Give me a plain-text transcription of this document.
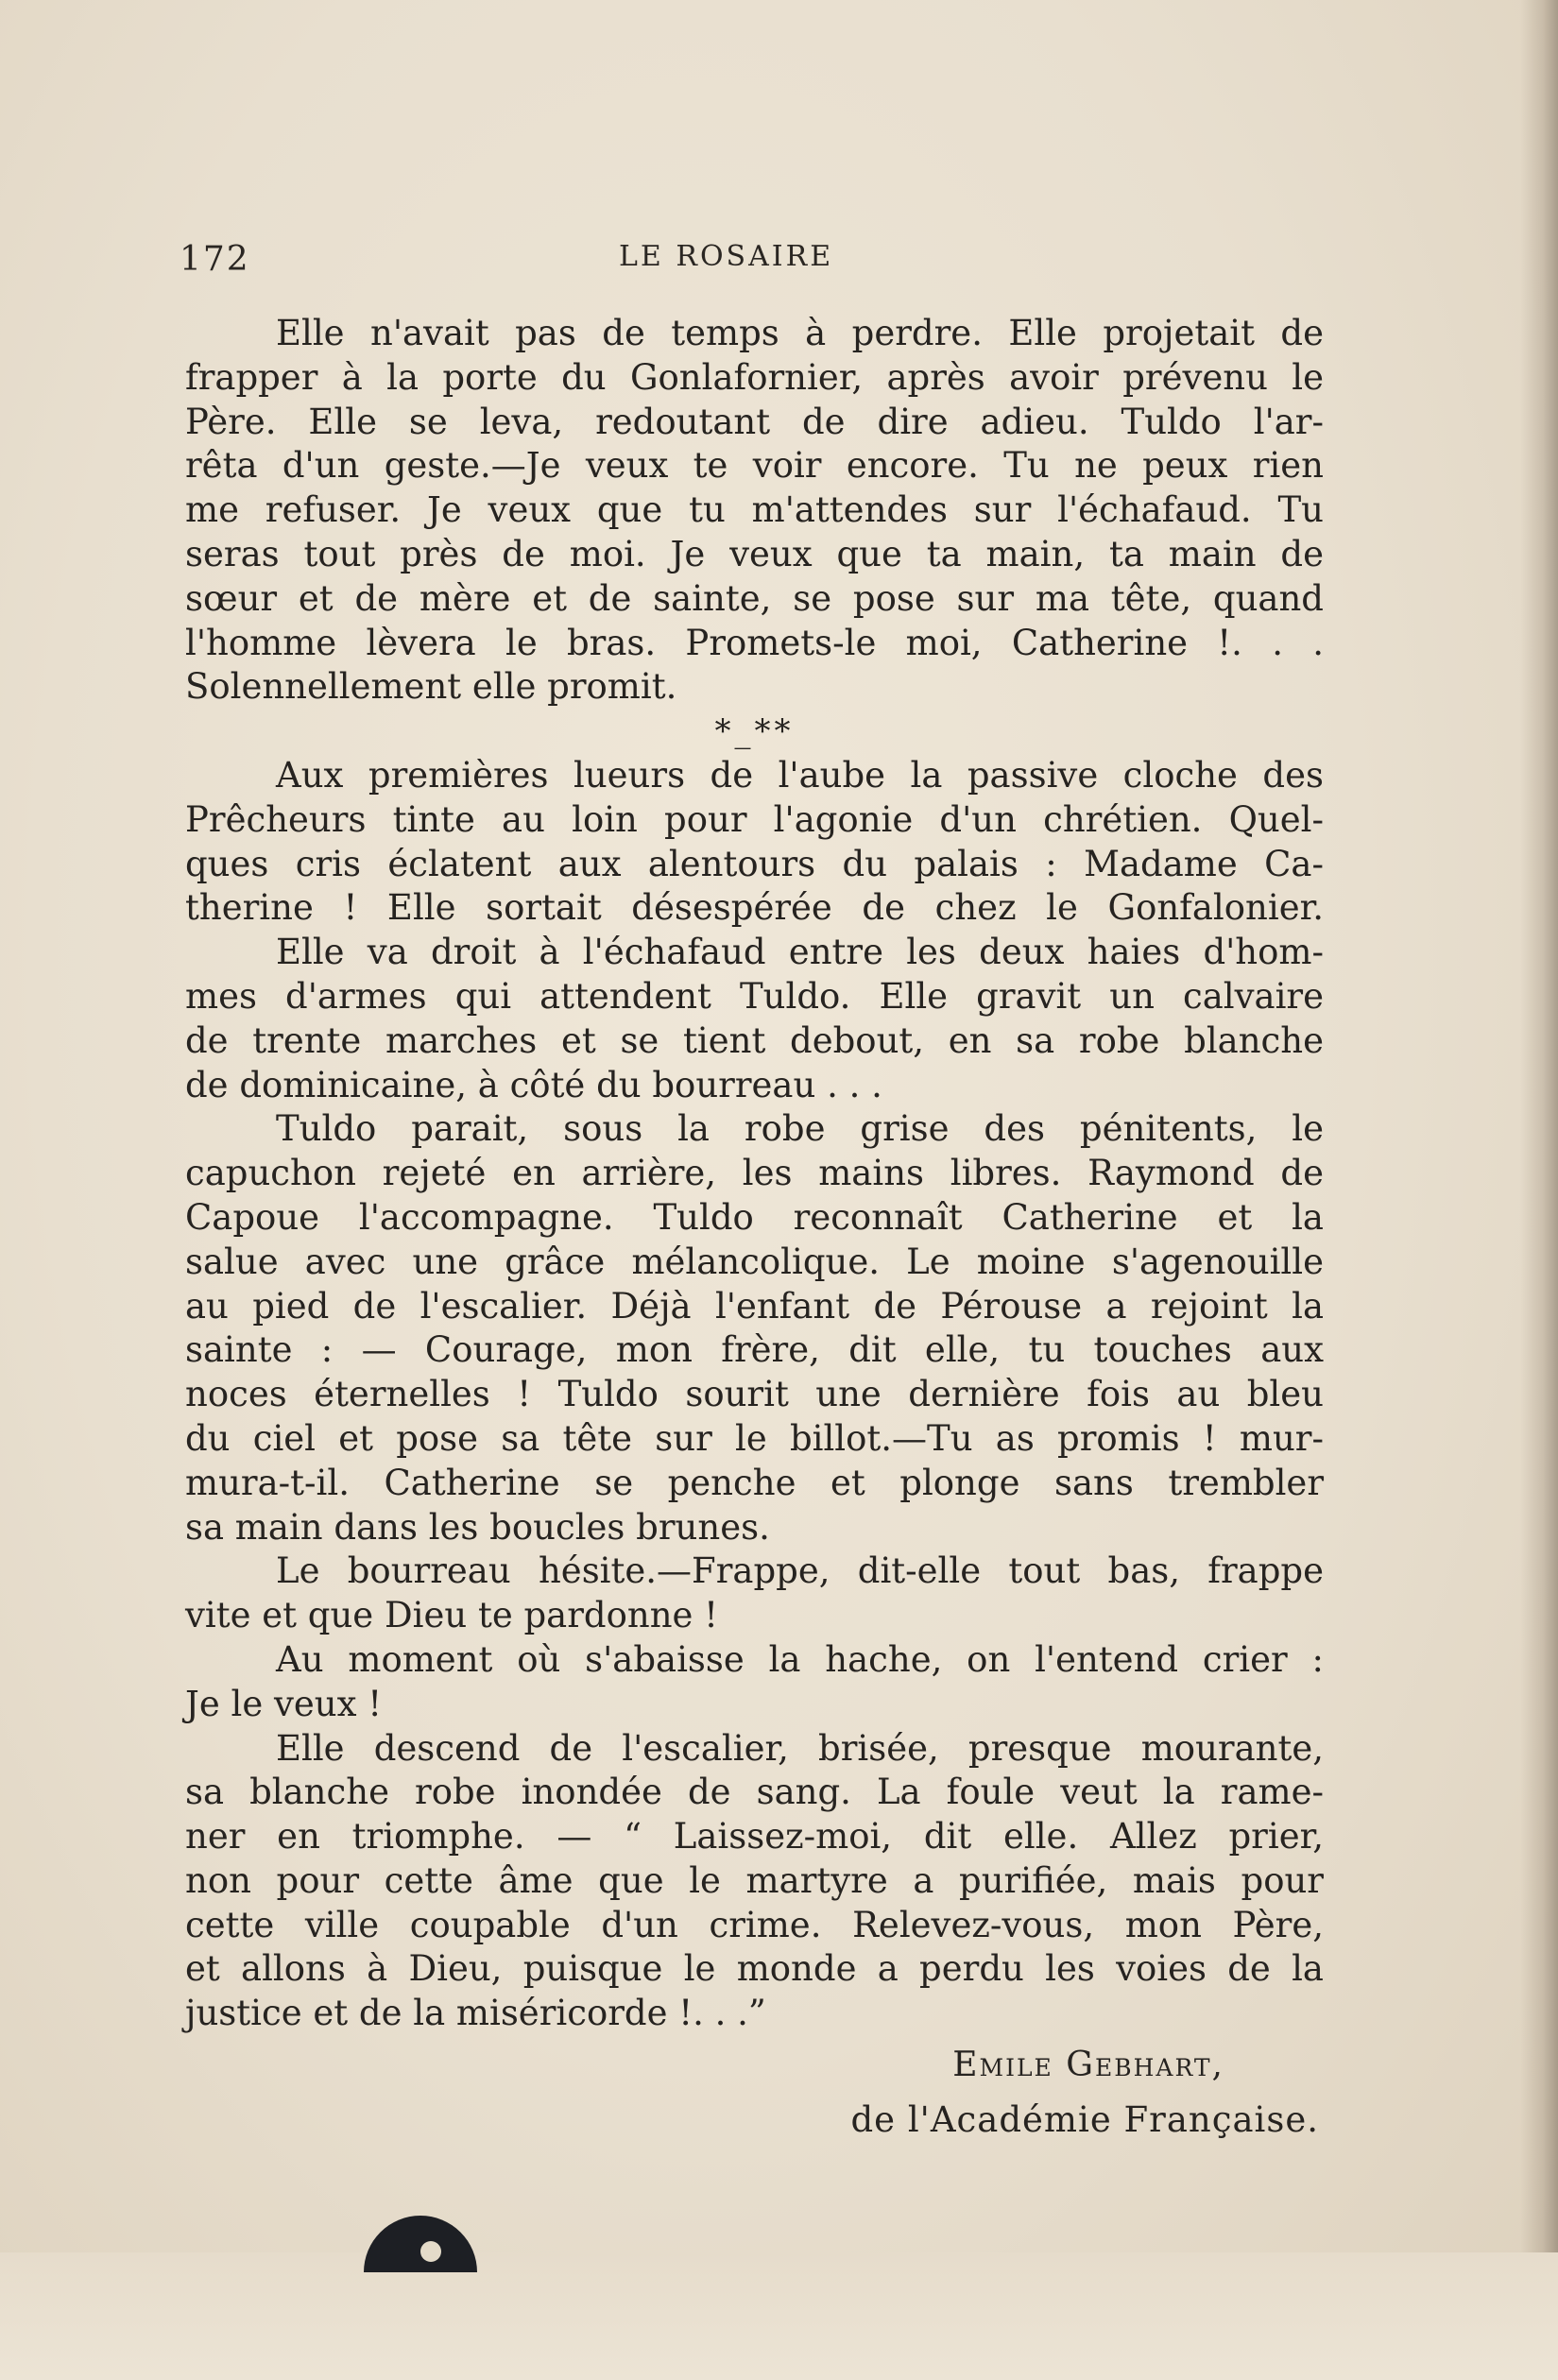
172	LE ROSAIRE
Elle n'avait pas de temps à perdre. Elle projetait de
frapper à la porte du Gonlafornier, après avoir prévenu le
Père. Elle se leva, redoutant de dire adieu. Tuldo l'ar-
rêta d'un geste.—Je veux te voir encore. Tu ne peux rien
me refuser. Je veux que tu m'attendes sur l'échafaud. Tu
seras tout près de moi. Je veux que ta main, ta main de
sœur et de mère et de sainte, se pose sur ma tête, quand
l'homme lèvera le bras. Promets-le moi, Catherine !. . .
Solennellement elle promit.
*_**
Aux premières lueurs de l'aube la passive cloche des
Prêcheurs tinte au loin pour l'agonie d'un chrétien. Quel-
ques cris éclatent aux alentours du palais : Madame Ca-
therine ! Elle sortait désespérée de chez le Gonfalonier.
Elle va droit à l'échafaud entre les deux haies d'hom-
mes d'armes qui attendent Tuldo. Elle gravit un calvaire
de trente marches et se tient debout, en sa robe blanche
de dominicaine, à côté du bourreau . . .
Tuldo parait, sous la robe grise des pénitents, le
capuchon rejeté en arrière, les mains libres. Raymond de
Capoue l'accompagne. Tuldo reconnaît Catherine et la
salue avec une grâce mélancolique. Le moine s'agenouille
au pied de l'escalier. Déjà l'enfant de Pérouse a rejoint la
sainte : — Courage, mon frère, dit elle, tu touches aux
noces éternelles ! Tuldo sourit une dernière fois au bleu
du ciel et pose sa tête sur le billot.—Tu as promis ! mur-
mura-t-il. Catherine se penche et plonge sans trembler
sa main dans les boucles brunes.
Le bourreau hésite.—Frappe, dit-elle tout bas, frappe
vite et que Dieu te pardonne !
Au moment où s'abaisse la hache, on l'entend crier :
Je le veux !
Elle descend de l'escalier, brisée, presque mourante,
sa blanche robe inondée de sang. La foule veut la rame-
ner en triomphe. — “ Laissez-moi, dit elle. Allez prier,
non pour cette âme que le martyre a purifiée, mais pour
cette ville coupable d'un crime. Relevez-vous, mon Père,
et allons à Dieu, puisque le monde a perdu les voies de la
justice et de la miséricorde !. . .”
Emile Gebhart,
de l'Académie Française.
